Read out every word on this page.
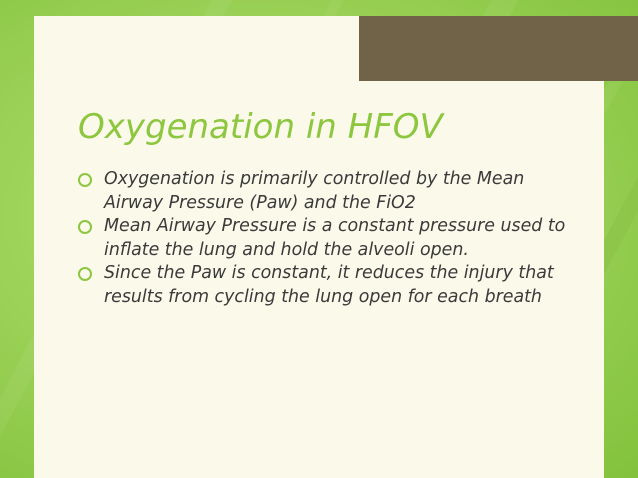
Oxygenation in HFOV
Oxygenation is primarily controlled by the Mean Airway Pressure (Paw) and the FiO2
Mean Airway Pressure is a constant pressure used to inflate the lung and hold the alveoli open.
Since the Paw is constant, it reduces the injury that results from cycling the lung open for each breath
